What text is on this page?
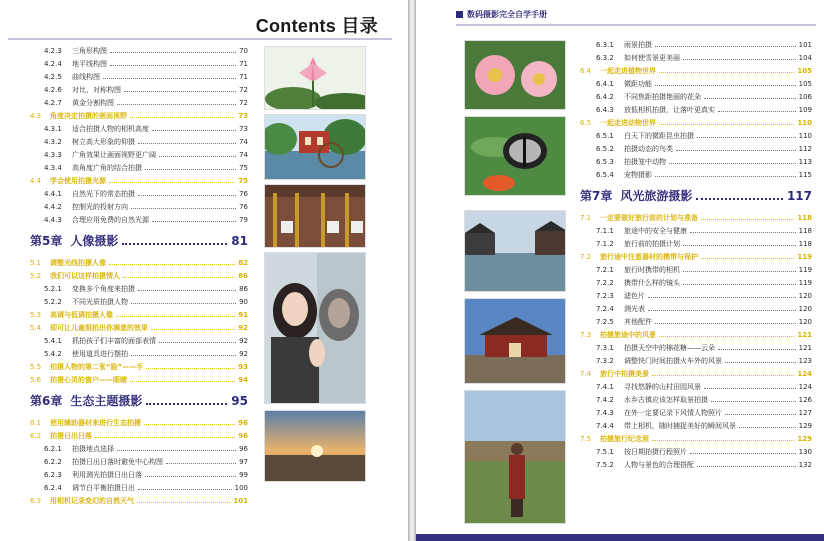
Contents 目录
4.2.3	三角形构图	70
4.2.4	地平线构图	71
4.2.5	曲线构图	71
4.2.6	对比、对称构图	72
4.2.7	黄金分割构图	72
4.3	角度决定拍摄的画面视野	73
4.3.1	适合拍摄人物的相机高度	73
4.3.2	树立高大形象的仰摄	74
4.3.3	广角效果让画面视野更广阔	74
4.3.4	高角度广角的结合拍摄	75
4.4	学会使用拍摄光源	75
4.4.1	自然光下的常态拍摄	76
4.4.2	控制光的投射方向	76
4.4.3	合理应用免费的自然光源	79
第5章 人像摄影	81
5.1	调整光线拍摄人像	82
5.2	我们可以这样拍摄情人	86
5.2.1	变换多个角度来拍摄	86
5.2.2	不同光质拍摄人物	90
5.3	高调与低调拍摄人像	91
5.4	即可让儿童照拍出你满意的效果	92
5.4.1	抓拍孩子们丰富的面部表情	92
5.4.2	使用道具进行摆拍	92
5.5	拍摄人物的第二张“脸”——手	93
5.6	拍摄心灵的窗户——眼睛	94
第6章 生态主题摄影	95
6.1	使用辅助器材来进行生态拍摄	96
6.2	拍摄日出日落	96
6.2.1	拍摄地点选择	96
6.2.2	拍摄日出日落时避免中心构图	97
6.2.3	利用测光拍摄日出日落	99
6.2.4	调节白平衡拍摄日出	100
6.3	用相机记录变幻的自然天气	101
数码摄影完全自学手册
6.3.1	雨景拍摄	101
6.3.2	如何使雪景更美丽	104
6.4	一起走进植物世界	105
6.4.1	微距功能	105
6.4.2	不同焦距拍摄艳丽的花朵	106
6.4.3	放低相机拍摄，让落叶更真实	109
6.5	一起走进动物世界	110
6.5.1	白天下的微距昆虫拍摄	110
6.5.2	拍摄动态的鸟类	112
6.5.3	拍摄笼中动物	113
6.5.4	宠物摄影	115
第7章 风光旅游摄影	117
7.1	一定要做好旅行前的计划与准备	118
7.1.1	旅途中的安全与健康	118
7.1.2	旅行前的拍摄计划	118
7.2	旅行途中注意器材的携带与保护	119
7.2.1	旅行时携带的相机	119
7.2.2	携带什么样的镜头	119
7.2.3	滤色片	120
7.2.4	测光表	120
7.2.5	其他配件	120
7.3	拍摄旅途中的风景	121
7.3.1	拍摄天空中的棉花糖——云朵	121
7.3.2	调整快门时间拍摄火车外的风景	123
7.4	旅行中拍摄美景	124
7.4.1	寻找悠静的山村田园风景	124
7.4.2	水乡古镇应该怎样取景拍摄	126
7.4.3	在外一定要记录下风情人物照片	127
7.4.4	带上相机，随时捕捉美好的瞬间风景	129
7.5	拍摄旅行纪念照	129
7.5.1	按日期拍摄行程照片	130
7.5.2	人物与景色的合理搭配	132
